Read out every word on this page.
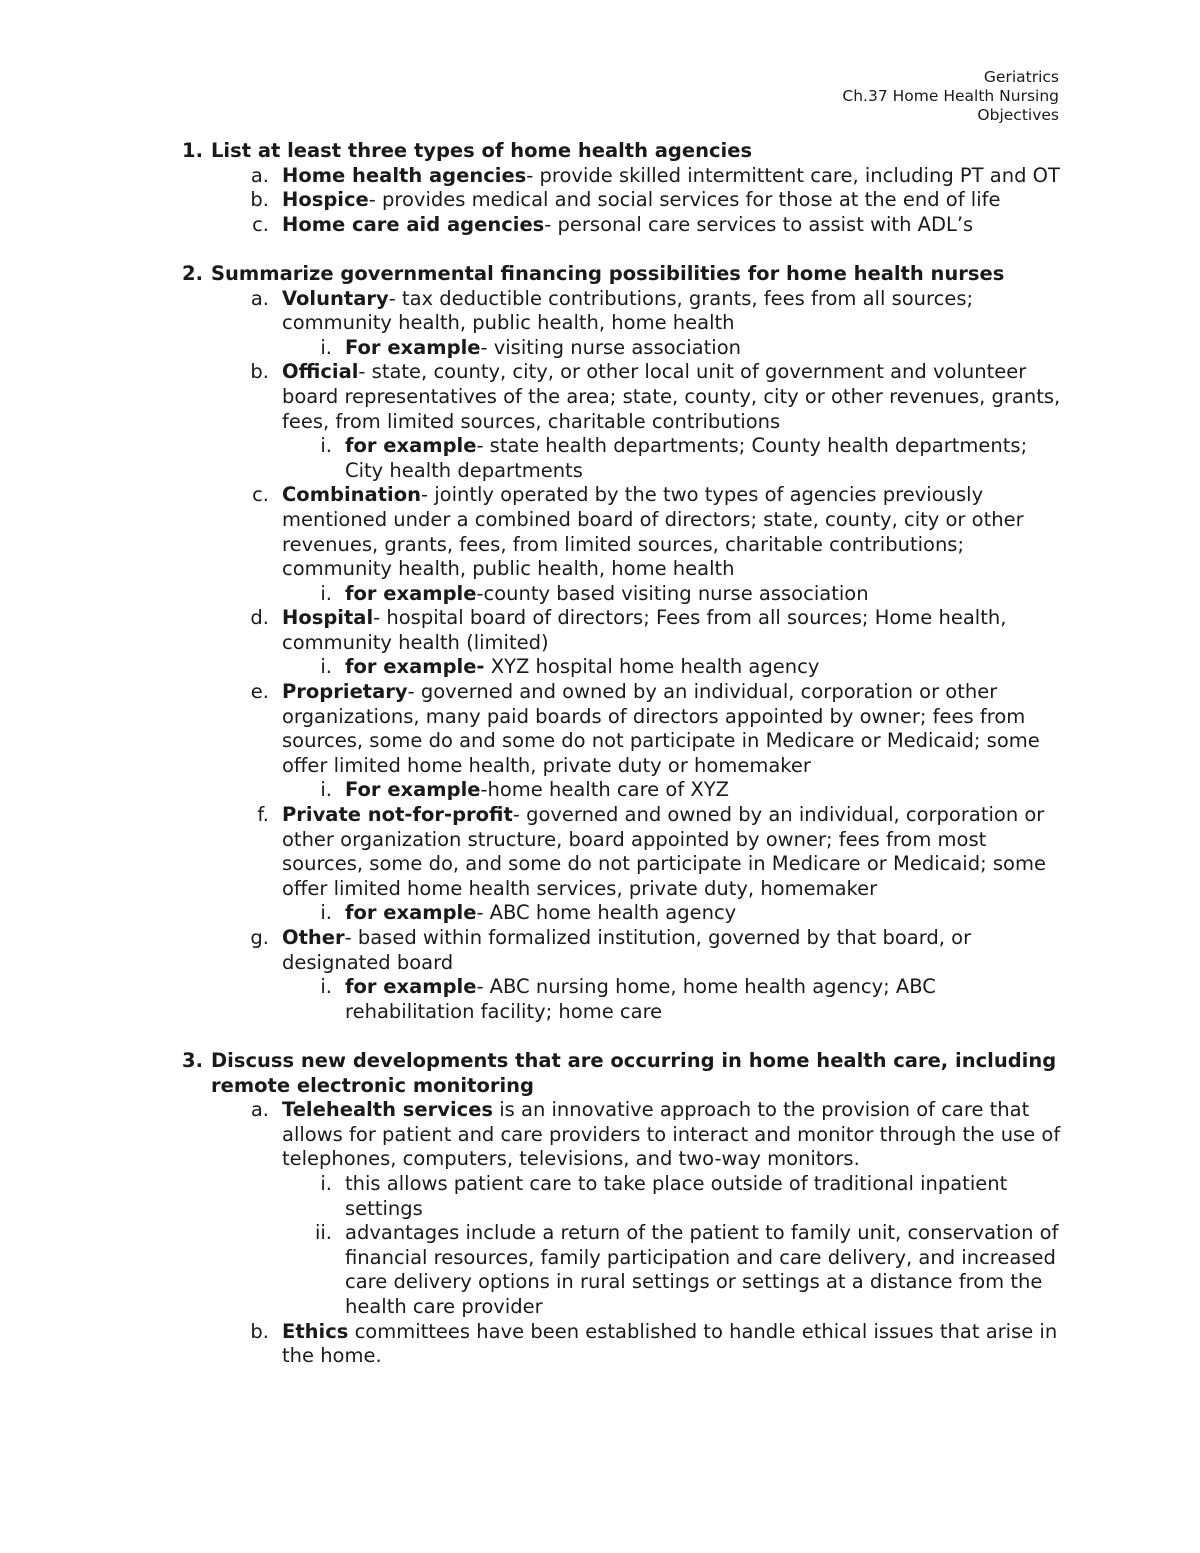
Geriatrics
Ch.37 Home Health Nursing
Objectives
1. List at least three types of home health agencies
a. Home health agencies- provide skilled intermittent care, including PT and OT
b. Hospice- provides medical and social services for those at the end of life
c. Home care aid agencies- personal care services to assist with ADL’s
2. Summarize governmental financing possibilities for home health nurses
a. Voluntary- tax deductible contributions, grants, fees from all sources; community health, public health, home health
i. For example- visiting nurse association
b. Official- state, county, city, or other local unit of government and volunteer board representatives of the area; state, county, city or other revenues, grants, fees, from limited sources, charitable contributions
i. for example- state health departments; County health departments; City health departments
c. Combination- jointly operated by the two types of agencies previously mentioned under a combined board of directors; state, county, city or other revenues, grants, fees, from limited sources, charitable contributions; community health, public health, home health
i. for example-county based visiting nurse association
d. Hospital- hospital board of directors; Fees from all sources; Home health, community health (limited)
i. for example- XYZ hospital home health agency
e. Proprietary- governed and owned by an individual, corporation or other organizations, many paid boards of directors appointed by owner; fees from sources, some do and some do not participate in Medicare or Medicaid; some offer limited home health, private duty or homemaker
i. For example-home health care of XYZ
f. Private not-for-profit- governed and owned by an individual, corporation or other organization structure, board appointed by owner; fees from most sources, some do, and some do not participate in Medicare or Medicaid; some offer limited home health services, private duty, homemaker
i. for example- ABC home health agency
g. Other- based within formalized institution, governed by that board, or designated board
i. for example- ABC nursing home, home health agency; ABC rehabilitation facility; home care
3. Discuss new developments that are occurring in home health care, including remote electronic monitoring
a. Telehealth services is an innovative approach to the provision of care that allows for patient and care providers to interact and monitor through the use of telephones, computers, televisions, and two-way monitors.
i. this allows patient care to take place outside of traditional inpatient settings
ii. advantages include a return of the patient to family unit, conservation of financial resources, family participation and care delivery, and increased care delivery options in rural settings or settings at a distance from the health care provider
b. Ethics committees have been established to handle ethical issues that arise in the home.
